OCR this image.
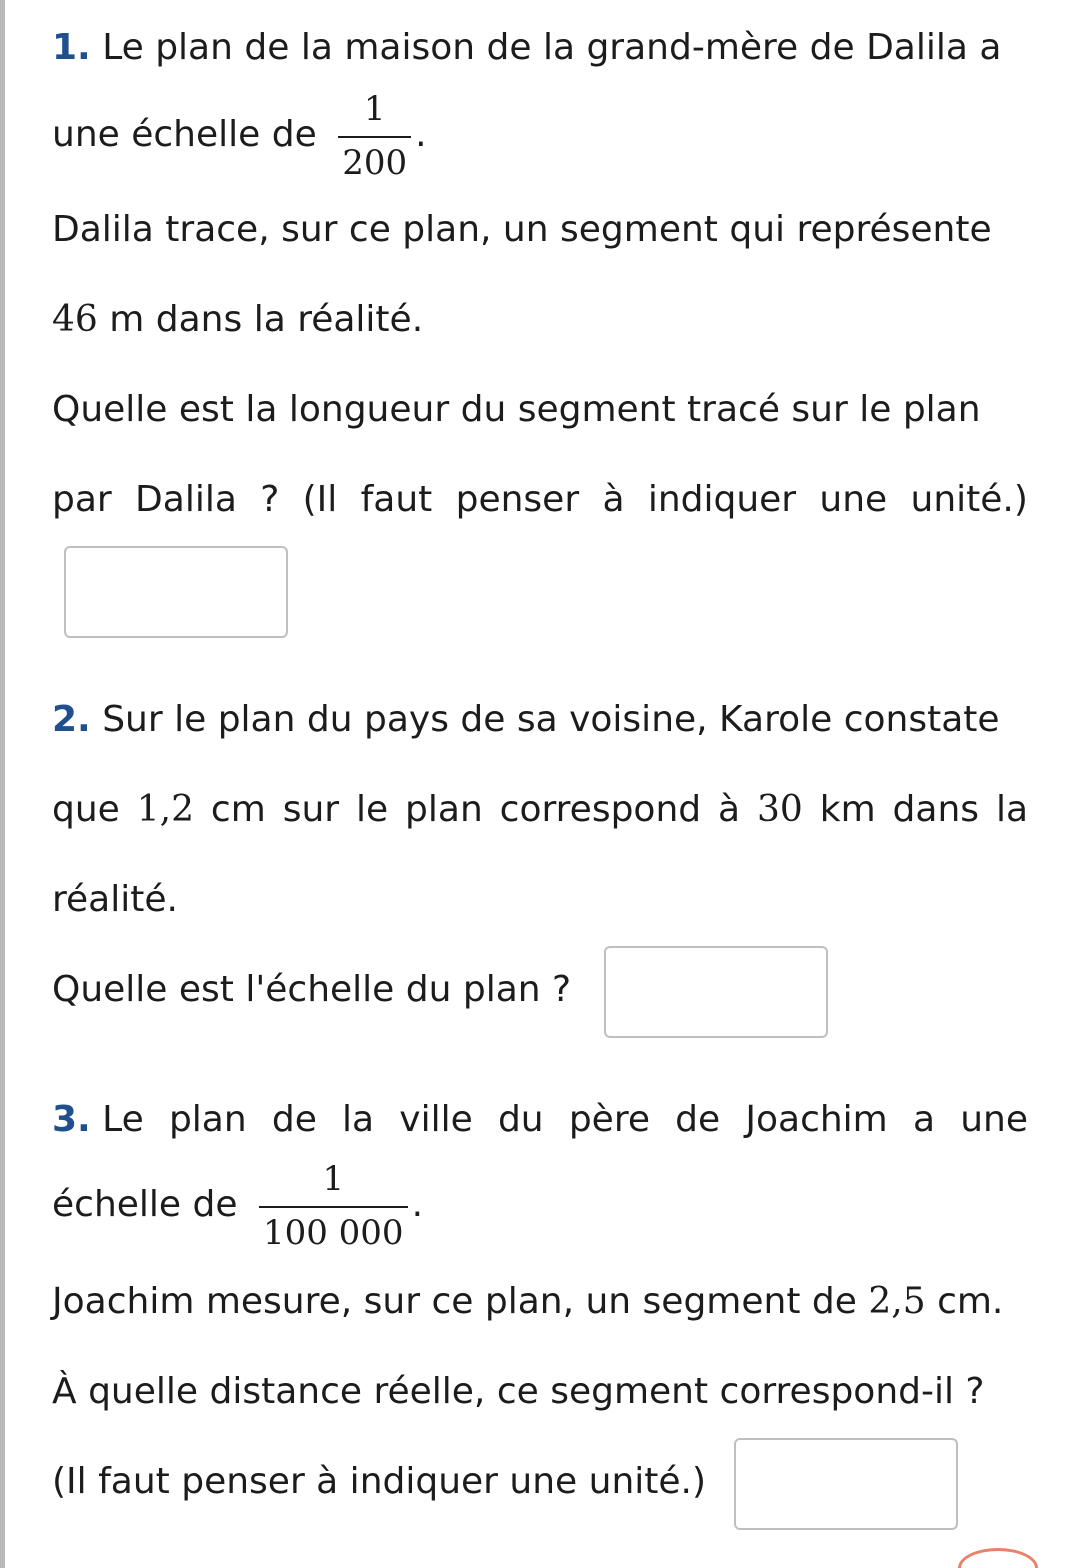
1. Le plan de la maison de la grand-mère de Dalila a
une échelle de $\frac{1}{200}$ .
Dalila trace, sur ce plan, un segment qui représente
46 m dans la réalité.
Quelle est la longueur du segment tracé sur le plan
par Dalila ? (Il faut penser à indiquer une unité.)
2. Sur le plan du pays de sa voisine, Karole constate
que 1,2 cm sur le plan correspond à 30 km dans la
réalité.
Quelle est l'échelle du plan ?
3. Le plan de la ville du père de Joachim a une
échelle de $\frac{1}{100 000}$ .
Joachim mesure, sur ce plan, un segment de 2,5 cm.
À quelle distance réelle, ce segment correspond-il ?
(Il faut penser à indiquer une unité.)
